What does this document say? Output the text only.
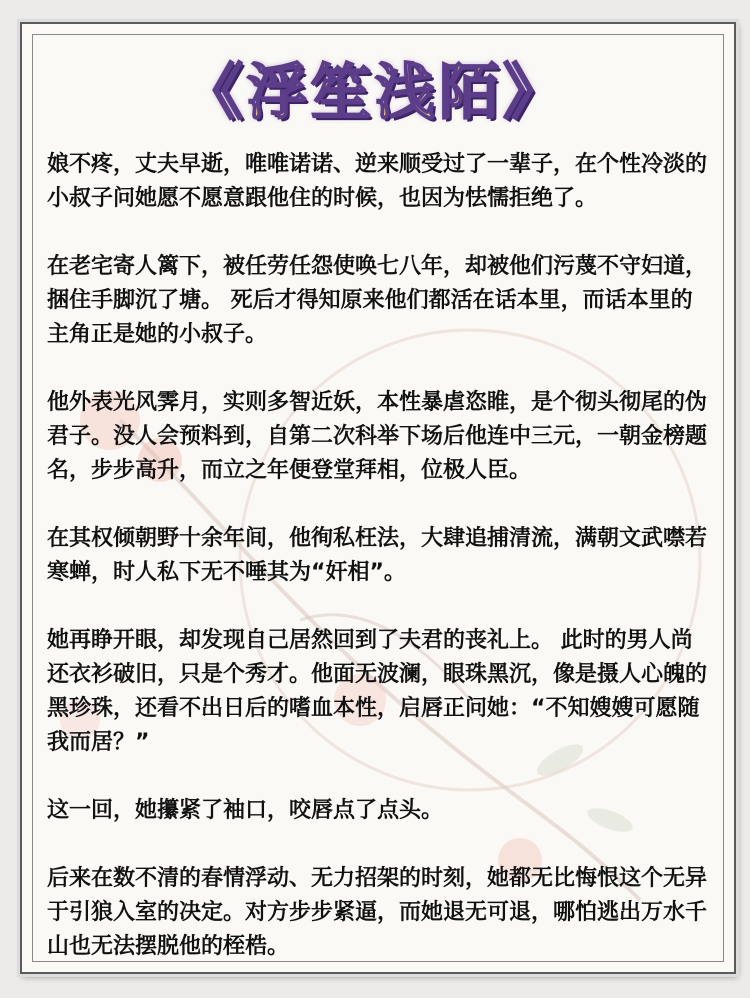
《浮笙浅陌》

娘不疼，丈夫早逝，唯唯诺诺、逆来顺受过了一辈子，在个性冷淡的小叔子问她愿不愿意跟他住的时候，也因为怯懦拒绝了。

在老宅寄人篱下，被任劳任怨使唤七八年，却被他们污蔑不守妇道，捆住手脚沉了塘。 死后才得知原来他们都活在话本里，而话本里的主角正是她的小叔子。

他外表光风霁月，实则多智近妖，本性暴虐恣睢，是个彻头彻尾的伪君子。没人会预料到，自第二次科举下场后他连中三元，一朝金榜题名，步步高升，而立之年便登堂拜相，位极人臣。

在其权倾朝野十余年间，他徇私枉法，大肆追捕清流，满朝文武噤若寒蝉，时人私下无不唾其为“奸相”。

她再睁开眼，却发现自己居然回到了夫君的丧礼上。 此时的男人尚还衣衫破旧，只是个秀才。他面无波澜，眼珠黑沉，像是摄人心魄的黑珍珠，还看不出日后的嗜血本性，启唇正问她：“不知嫂嫂可愿随我而居？”

这一回，她攥紧了袖口，咬唇点了点头。

后来在数不清的春情浮动、无力招架的时刻，她都无比悔恨这个无异于引狼入室的决定。对方步步紧逼，而她退无可退，哪怕逃出万水千山也无法摆脱他的桎梏。
